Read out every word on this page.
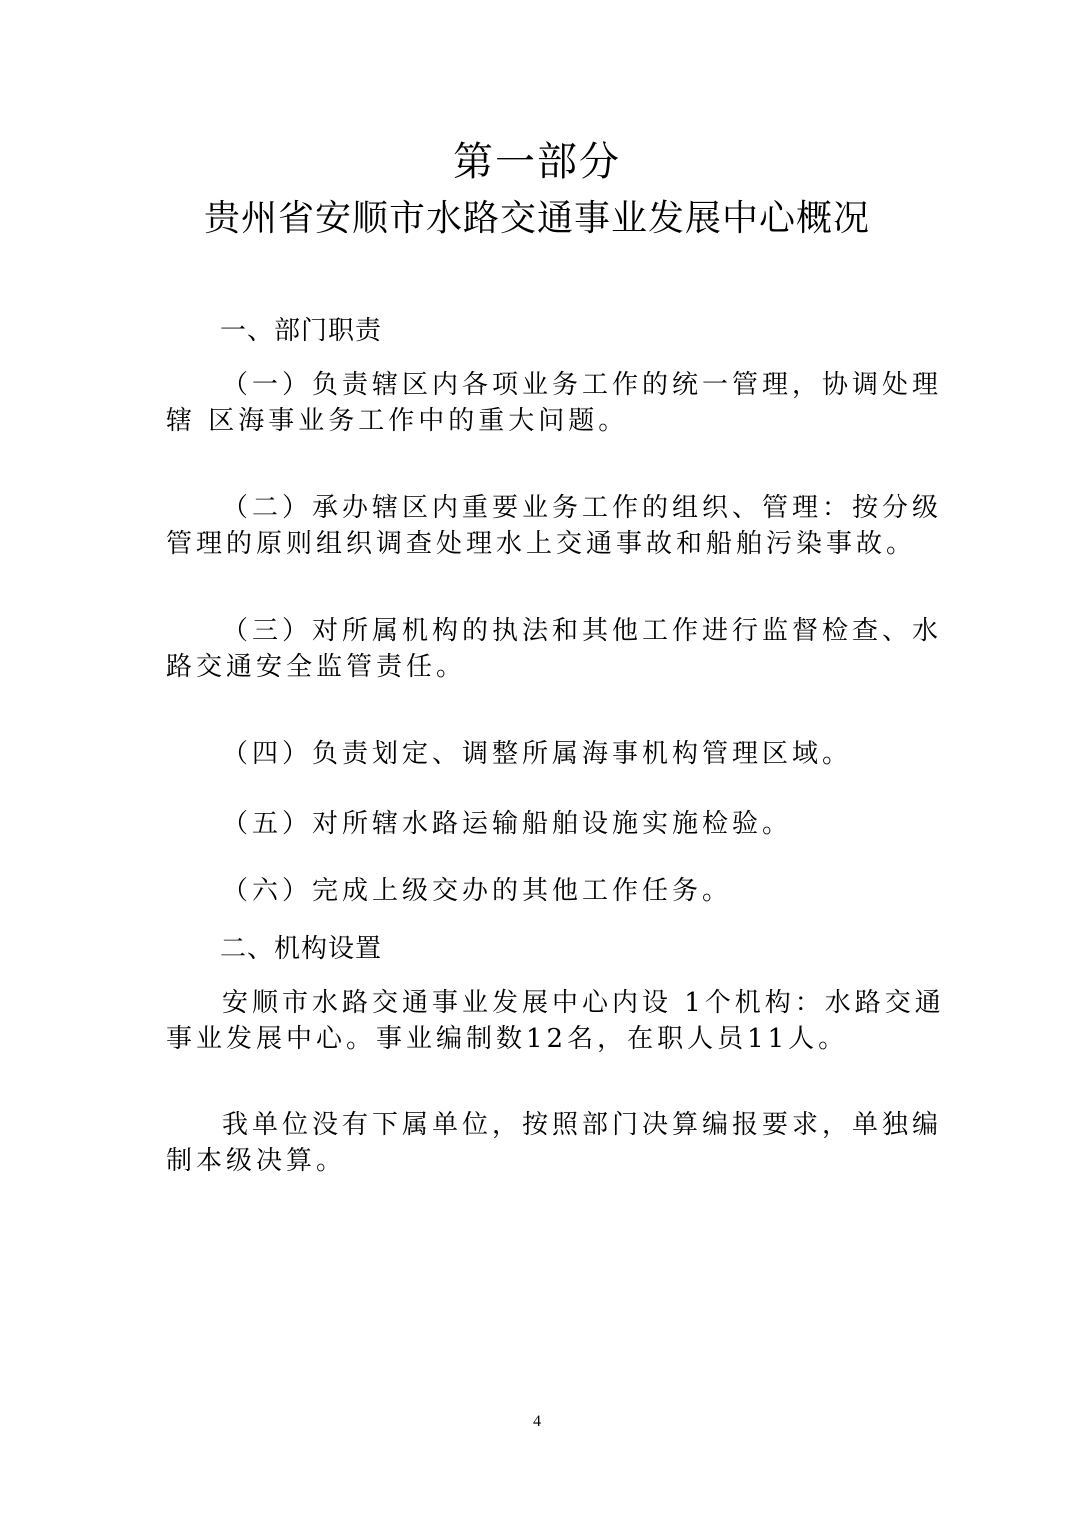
第一部分
贵州省安顺市水路交通事业发展中心概况
一、部门职责
（一）负责辖区内各项业务工作的统一管理，协调处理
辖 区海事业务工作中的重大问题。
（二）承办辖区内重要业务工作的组织、管理：按分级
管理的原则组织调查处理水上交通事故和船舶污染事故。
（三）对所属机构的执法和其他工作进行监督检查、水
路交通安全监管责任。
（四）负责划定、调整所属海事机构管理区域。
（五）对所辖水路运输船舶设施实施检验。
（六）完成上级交办的其他工作任务。
二、机构设置
安顺市水路交通事业发展中心内设 1个机构：水路交通
事业发展中心。事业编制数12名，在职人员11人。
我单位没有下属单位，按照部门决算编报要求，单独编
制本级决算。
4
